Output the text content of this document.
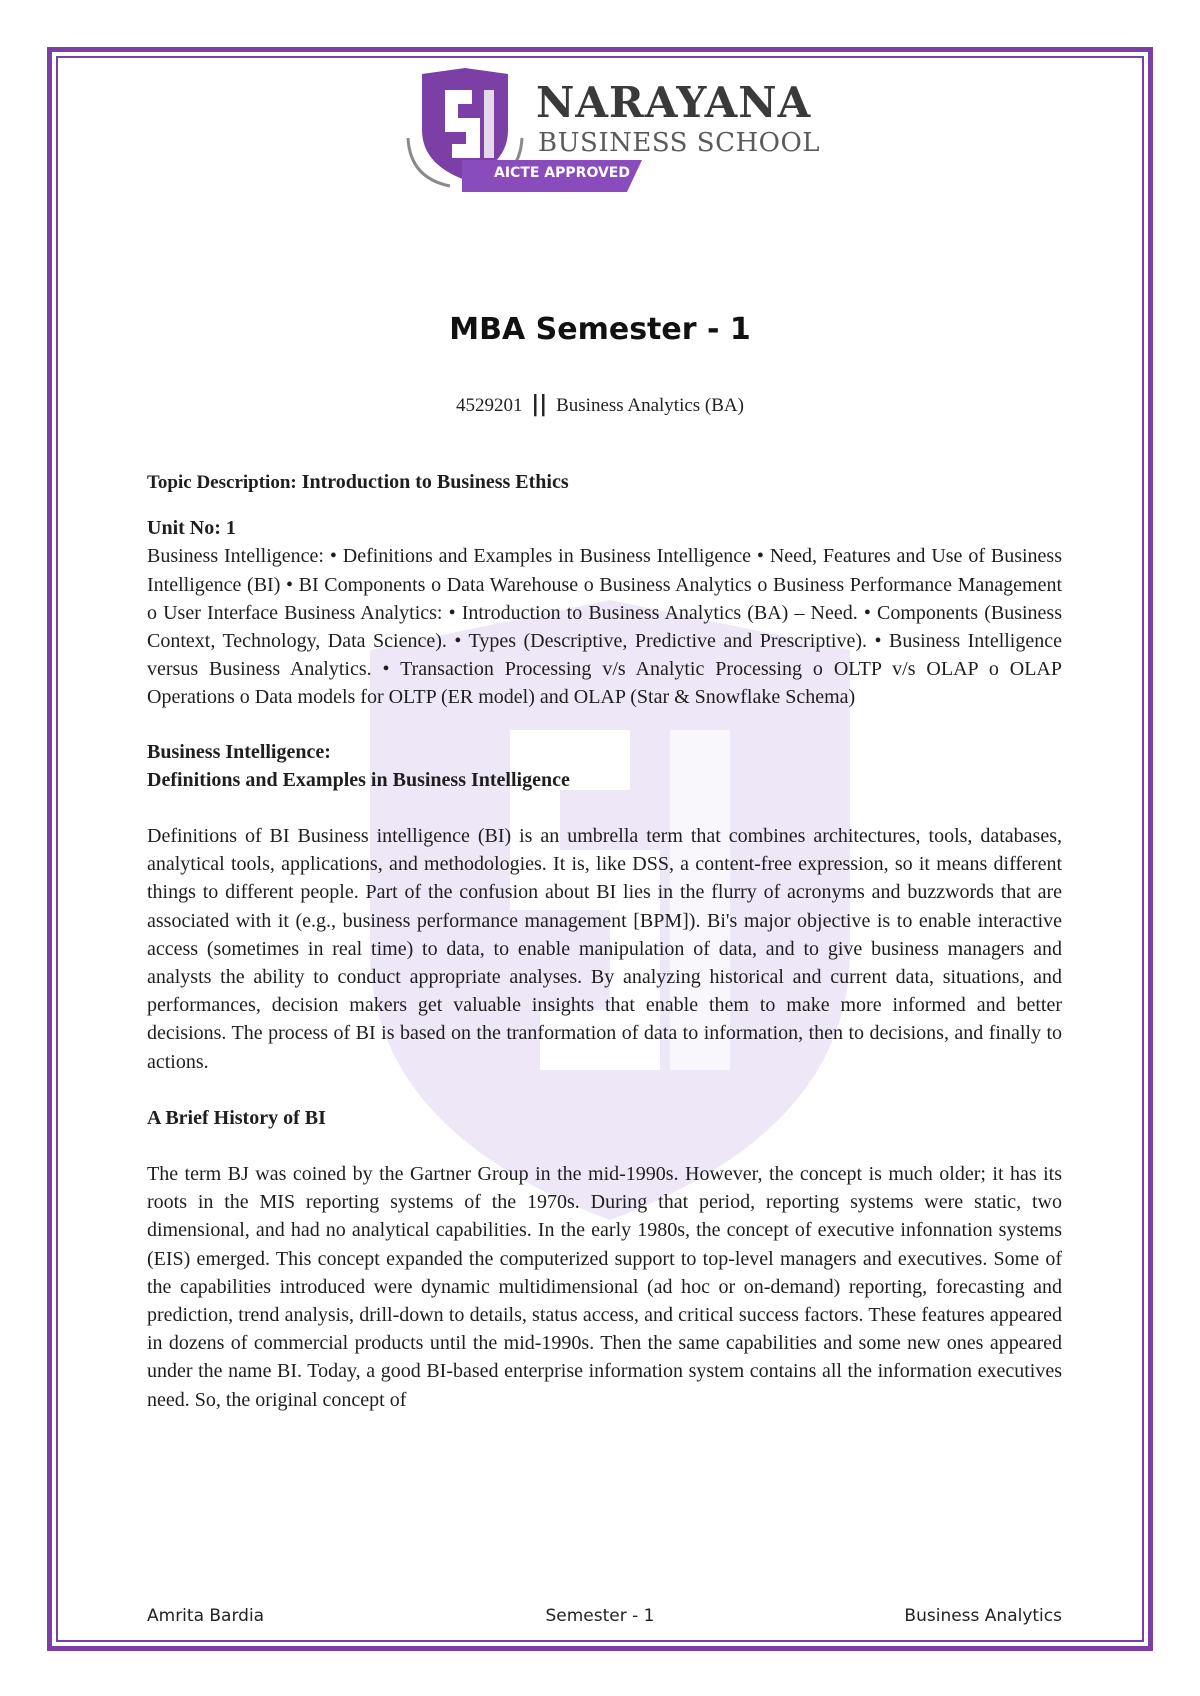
NARAYANA
BUSINESS SCHOOL
AICTE APPROVED
MBA Semester - 1
4529201 || Business Analytics (BA)

Topic Description: Introduction to Business Ethics

Unit No: 1

Business Intelligence: • Definitions and Examples in Business Intelligence • Need, Features and Use of Business Intelligence (BI) • BI Components o Data Warehouse o Business Analytics o Business Performance Management o User Interface Business Analytics: • Introduction to Business Analytics (BA) – Need. • Components (Business Context, Technology, Data Science). • Types (Descriptive, Predictive and Prescriptive). • Business Intelligence versus Business Analytics. • Transaction Processing v/s Analytic Processing o OLTP v/s OLAP o OLAP Operations o Data models for OLTP (ER model) and OLAP (Star & Snowflake Schema)

Business Intelligence:
Definitions and Examples in Business Intelligence

Definitions of BI Business intelligence (BI) is an umbrella term that combines architectures, tools, databases, analytical tools, applications, and methodologies. It is, like DSS, a content-free expression, so it means different things to different people. Part of the confusion about BI lies in the flurry of acronyms and buzzwords that are associated with it (e.g., business performance management [BPM]). Bi's major objective is to enable interactive access (sometimes in real time) to data, to enable manipulation of data, and to give business managers and analysts the ability to conduct appropriate analyses. By analyzing historical and current data, situations, and performances, decision makers get valuable insights that enable them to make more informed and better decisions. The process of BI is based on the tranformation of data to information, then to decisions, and finally to actions.

A Brief History of BI

The term BJ was coined by the Gartner Group in the mid-1990s. However, the concept is much older; it has its roots in the MIS reporting systems of the 1970s. During that period, reporting systems were static, two dimensional, and had no analytical capabilities. In the early 1980s, the concept of executive infonnation systems (EIS) emerged. This concept expanded the computerized support to top-level managers and executives. Some of the capabilities introduced were dynamic multidimensional (ad hoc or on-demand) reporting, forecasting and prediction, trend analysis, drill-down to details, status access, and critical success factors. These features appeared in dozens of commercial products until the mid-1990s. Then the same capabilities and some new ones appeared under the name BI. Today, a good BI-based enterprise information system contains all the information executives need. So, the original concept of

Amrita Bardia	Semester - 1	Business Analytics
